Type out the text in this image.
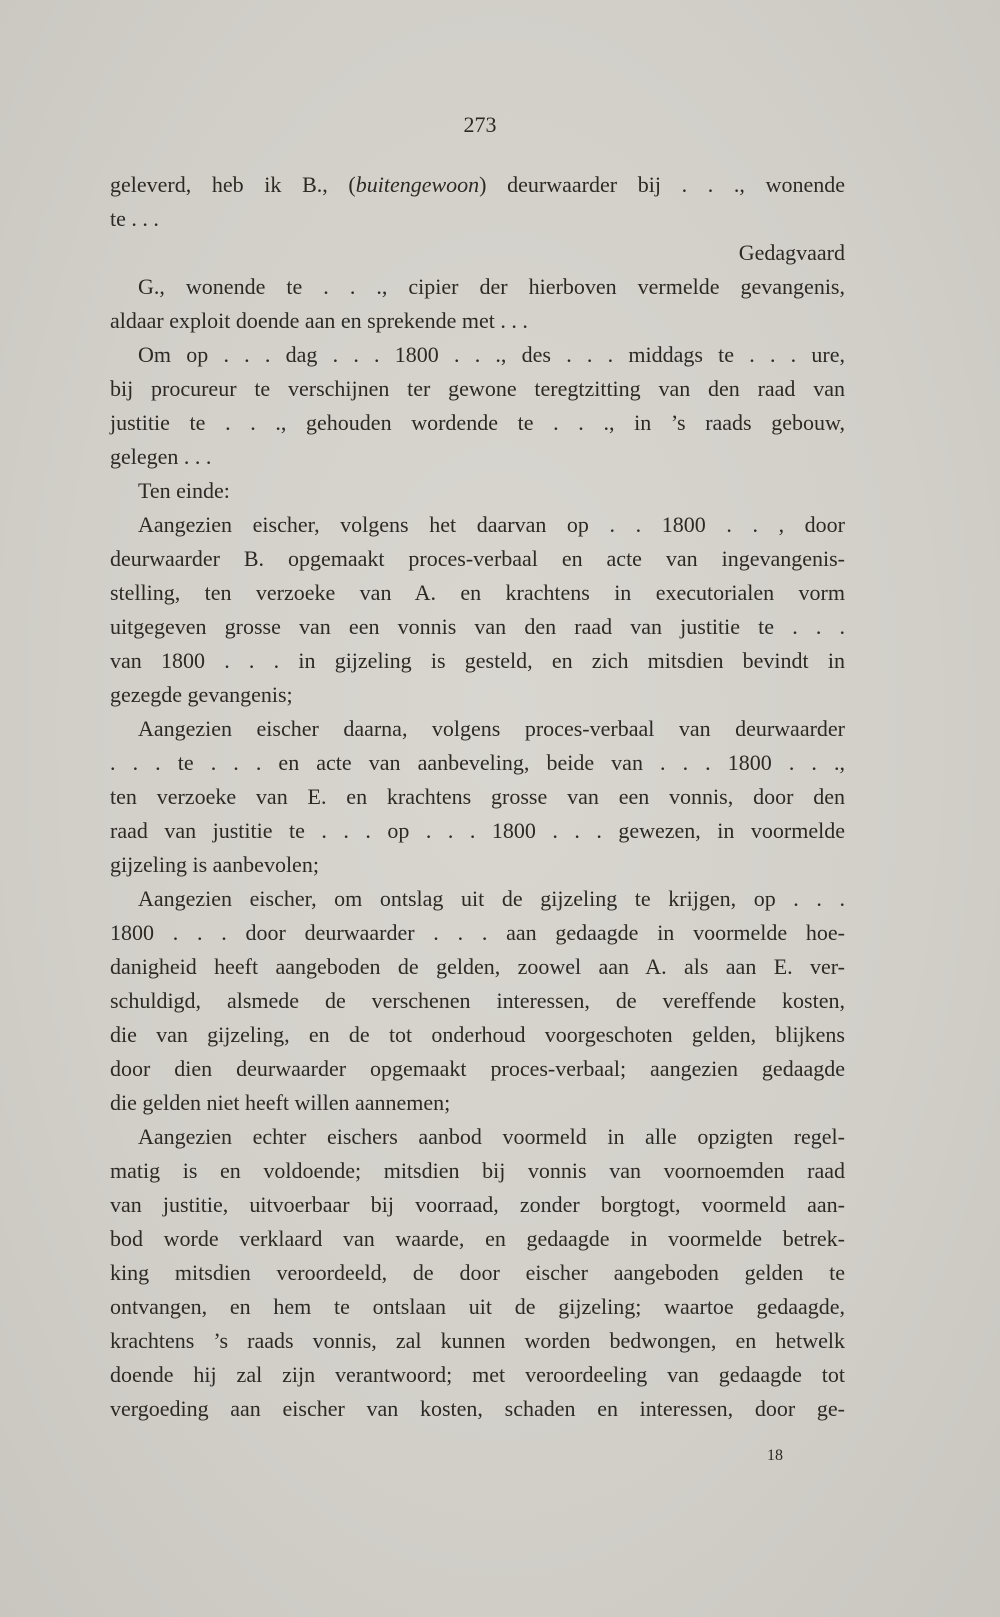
273
geleverd, heb ik B., (buitengewoon) deurwaarder bij . . ., wonende
te . . .
Gedagvaard
G., wonende te . . ., cipier der hierboven vermelde gevangenis,
aldaar exploit doende aan en sprekende met . . .
Om op . . . dag . . . 1800 . . ., des . . . middags te . . . ure,
bij procureur te verschijnen ter gewone teregtzitting van den raad van
justitie te . . ., gehouden wordende te . . ., in ’s raads gebouw,
gelegen . . .
Ten einde:
Aangezien eischer, volgens het daarvan op . . 1800 . . , door
deurwaarder B. opgemaakt proces-verbaal en acte van ingevangenis-
stelling, ten verzoeke van A. en krachtens in executorialen vorm
uitgegeven grosse van een vonnis van den raad van justitie te . . .
van 1800 . . . in gijzeling is gesteld, en zich mitsdien bevindt in
gezegde gevangenis;
Aangezien eischer daarna, volgens proces-verbaal van deurwaarder
. . . te . . . en acte van aanbeveling, beide van . . . 1800 . . .,
ten verzoeke van E. en krachtens grosse van een vonnis, door den
raad van justitie te . . . op . . . 1800 . . . gewezen, in voormelde
gijzeling is aanbevolen;
Aangezien eischer, om ontslag uit de gijzeling te krijgen, op . . .
1800 . . . door deurwaarder . . . aan gedaagde in voormelde hoe-
danigheid heeft aangeboden de gelden, zoowel aan A. als aan E. ver-
schuldigd, alsmede de verschenen interessen, de vereffende kosten,
die van gijzeling, en de tot onderhoud voorgeschoten gelden, blijkens
door dien deurwaarder opgemaakt proces-verbaal; aangezien gedaagde
die gelden niet heeft willen aannemen;
Aangezien echter eischers aanbod voormeld in alle opzigten regel-
matig is en voldoende; mitsdien bij vonnis van voornoemden raad
van justitie, uitvoerbaar bij voorraad, zonder borgtogt, voormeld aan-
bod worde verklaard van waarde, en gedaagde in voormelde betrek-
king mitsdien veroordeeld, de door eischer aangeboden gelden te
ontvangen, en hem te ontslaan uit de gijzeling; waartoe gedaagde,
krachtens ’s raads vonnis, zal kunnen worden bedwongen, en hetwelk
doende hij zal zijn verantwoord; met veroordeeling van gedaagde tot
vergoeding aan eischer van kosten, schaden en interessen, door ge-
18
